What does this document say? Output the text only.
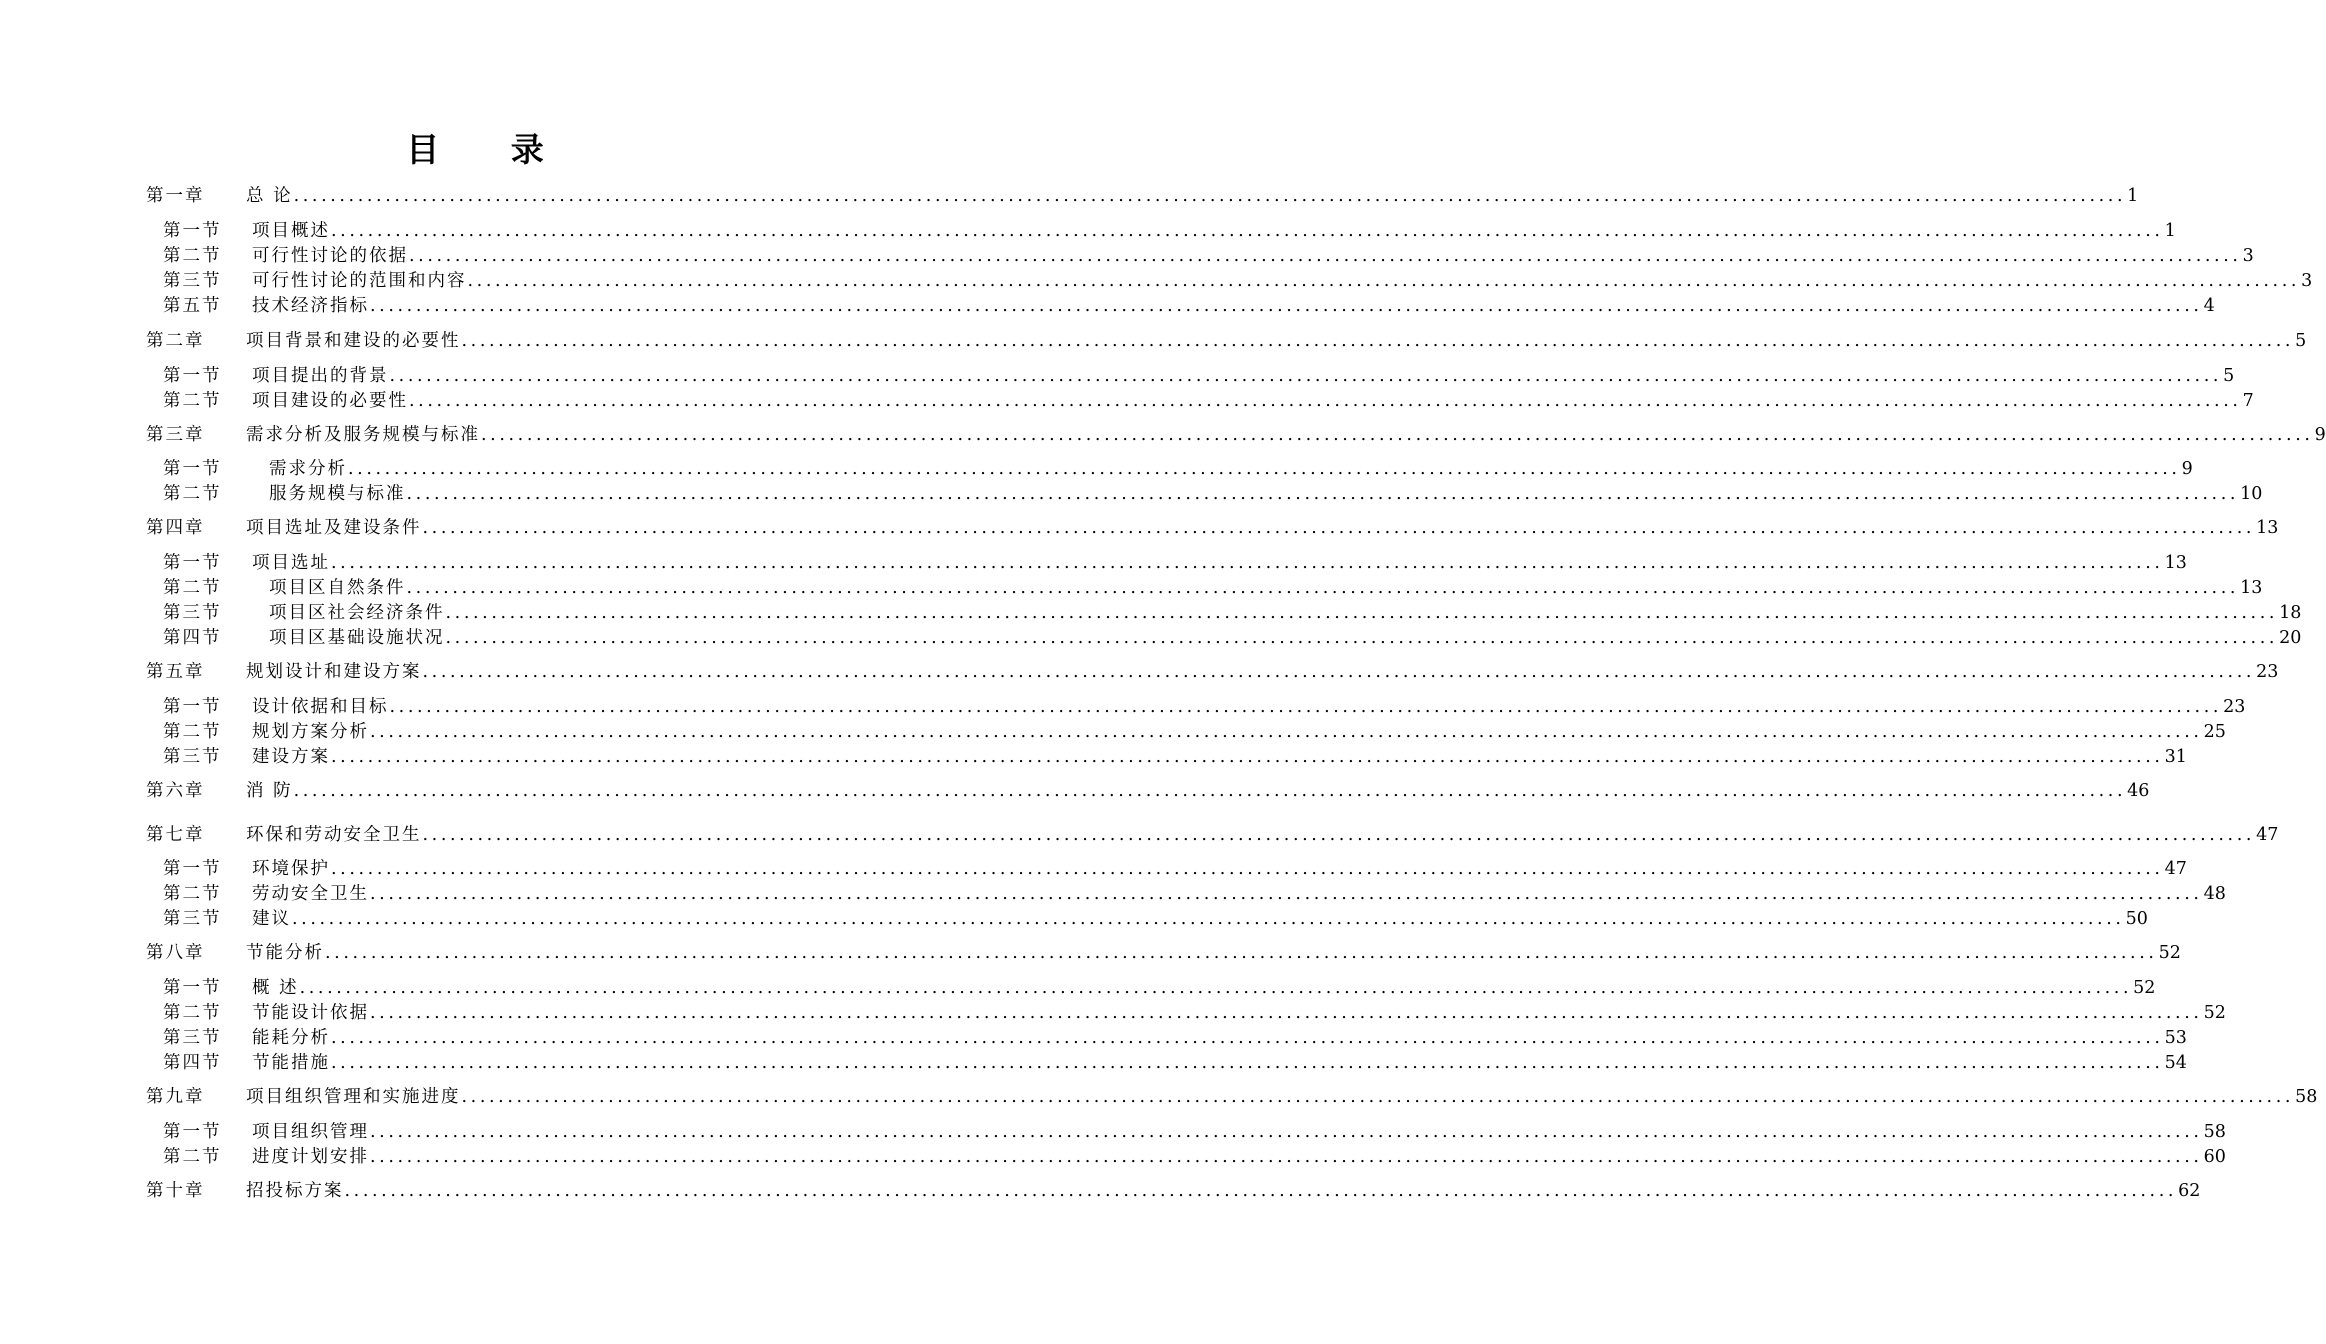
目 录
第一章	总 论 ........................................................................................................................................................................................................ 1
第一节	项目概述 ........................................................................................................................................................................................................ 1
第二节	可行性讨论的依据 ........................................................................................................................................................................................................ 3
第三节	可行性讨论的范围和内容 ........................................................................................................................................................................................................ 3
第五节	技术经济指标 ........................................................................................................................................................................................................ 4
第二章	项目背景和建设的必要性 ........................................................................................................................................................................................................ 5
第一节	项目提出的背景 ........................................................................................................................................................................................................ 5
第二节	项目建设的必要性 ........................................................................................................................................................................................................ 7
第三章	需求分析及服务规模与标准 ........................................................................................................................................................................................................ 9
第一节	需求分析 ........................................................................................................................................................................................................ 9
第二节	服务规模与标准 ........................................................................................................................................................................................................ 10
第四章	项目选址及建设条件 ........................................................................................................................................................................................................ 13
第一节	项目选址 ........................................................................................................................................................................................................ 13
第二节	项目区自然条件 ........................................................................................................................................................................................................ 13
第三节	项目区社会经济条件 ........................................................................................................................................................................................................ 18
第四节	项目区基础设施状况 ........................................................................................................................................................................................................ 20
第五章	规划设计和建设方案 ........................................................................................................................................................................................................ 23
第一节	设计依据和目标 ........................................................................................................................................................................................................ 23
第二节	规划方案分析 ........................................................................................................................................................................................................ 25
第三节	建设方案 ........................................................................................................................................................................................................ 31
第六章	消 防 ........................................................................................................................................................................................................ 46
第七章	环保和劳动安全卫生 ........................................................................................................................................................................................................ 47
第一节	环境保护 ........................................................................................................................................................................................................ 47
第二节	劳动安全卫生 ........................................................................................................................................................................................................ 48
第三节	建议 ........................................................................................................................................................................................................ 50
第八章	节能分析 ........................................................................................................................................................................................................ 52
第一节	概 述 ........................................................................................................................................................................................................ 52
第二节	节能设计依据 ........................................................................................................................................................................................................ 52
第三节	能耗分析 ........................................................................................................................................................................................................ 53
第四节	节能措施 ........................................................................................................................................................................................................ 54
第九章	项目组织管理和实施进度 ........................................................................................................................................................................................................ 58
第一节	项目组织管理 ........................................................................................................................................................................................................ 58
第二节	进度计划安排 ........................................................................................................................................................................................................ 60
第十章	招投标方案 ........................................................................................................................................................................................................ 62
